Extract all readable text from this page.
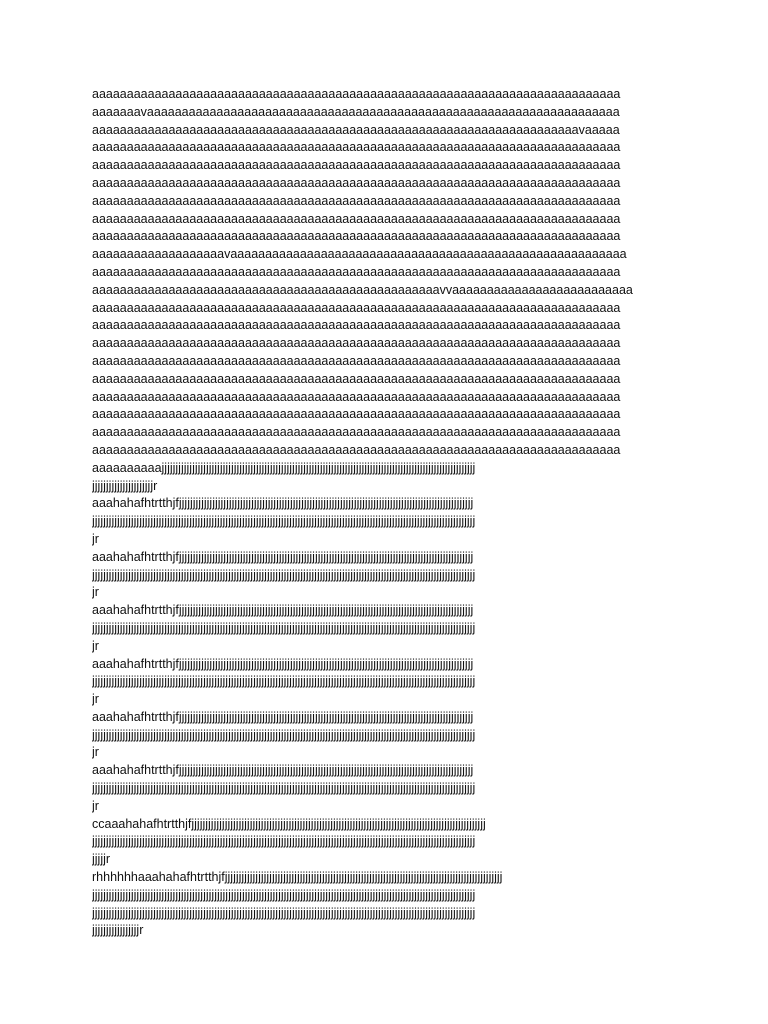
aaaaaaaaaaaaaaaaaaaaaaaaaaaaaaaaaaaaaaaaaaaaaaaaaaaaaaaaaaaaaaaaaaaaaaaaaaaa
aaaaaaavaaaaaaaaaaaaaaaaaaaaaaaaaaaaaaaaaaaaaaaaaaaaaaaaaaaaaaaaaaaaaaaaaaaa
aaaaaaaaaaaaaaaaaaaaaaaaaaaaaaaaaaaaaaaaaaaaaaaaaaaaaaaaaaaaaaaaaaaaaavaaaaa
aaaaaaaaaaaaaaaaaaaaaaaaaaaaaaaaaaaaaaaaaaaaaaaaaaaaaaaaaaaaaaaaaaaaaaaaaaaa
aaaaaaaaaaaaaaaaaaaaaaaaaaaaaaaaaaaaaaaaaaaaaaaaaaaaaaaaaaaaaaaaaaaaaaaaaaaa
aaaaaaaaaaaaaaaaaaaaaaaaaaaaaaaaaaaaaaaaaaaaaaaaaaaaaaaaaaaaaaaaaaaaaaaaaaaa
aaaaaaaaaaaaaaaaaaaaaaaaaaaaaaaaaaaaaaaaaaaaaaaaaaaaaaaaaaaaaaaaaaaaaaaaaaaa
aaaaaaaaaaaaaaaaaaaaaaaaaaaaaaaaaaaaaaaaaaaaaaaaaaaaaaaaaaaaaaaaaaaaaaaaaaaa
aaaaaaaaaaaaaaaaaaaaaaaaaaaaaaaaaaaaaaaaaaaaaaaaaaaaaaaaaaaaaaaaaaaaaaaaaaaa
aaaaaaaaaaaaaaaaaaavaaaaaaaaaaaaaaaaaaaaaaaaaaaaaaaaaaaaaaaaaaaaaaaaaaaaaaaaa
aaaaaaaaaaaaaaaaaaaaaaaaaaaaaaaaaaaaaaaaaaaaaaaaaaaaaaaaaaaaaaaaaaaaaaaaaaaa
aaaaaaaaaaaaaaaaaaaaaaaaaaaaaaaaaaaaaaaaaaaaaaaaaavvaaaaaaaaaaaaaaaaaaaaaaaaaa
aaaaaaaaaaaaaaaaaaaaaaaaaaaaaaaaaaaaaaaaaaaaaaaaaaaaaaaaaaaaaaaaaaaaaaaaaaaa
aaaaaaaaaaaaaaaaaaaaaaaaaaaaaaaaaaaaaaaaaaaaaaaaaaaaaaaaaaaaaaaaaaaaaaaaaaaa
aaaaaaaaaaaaaaaaaaaaaaaaaaaaaaaaaaaaaaaaaaaaaaaaaaaaaaaaaaaaaaaaaaaaaaaaaaaa
aaaaaaaaaaaaaaaaaaaaaaaaaaaaaaaaaaaaaaaaaaaaaaaaaaaaaaaaaaaaaaaaaaaaaaaaaaaa
aaaaaaaaaaaaaaaaaaaaaaaaaaaaaaaaaaaaaaaaaaaaaaaaaaaaaaaaaaaaaaaaaaaaaaaaaaaa
aaaaaaaaaaaaaaaaaaaaaaaaaaaaaaaaaaaaaaaaaaaaaaaaaaaaaaaaaaaaaaaaaaaaaaaaaaaa
aaaaaaaaaaaaaaaaaaaaaaaaaaaaaaaaaaaaaaaaaaaaaaaaaaaaaaaaaaaaaaaaaaaaaaaaaaaa
aaaaaaaaaaaaaaaaaaaaaaaaaaaaaaaaaaaaaaaaaaaaaaaaaaaaaaaaaaaaaaaaaaaaaaaaaaaa
aaaaaaaaaaaaaaaaaaaaaaaaaaaaaaaaaaaaaaaaaaaaaaaaaaaaaaaaaaaaaaaaaaaaaaaaaaaa
aaaaaaaaaajjjjjjjjjjjjjjjjjjjjjjjjjjjjjjjjjjjjjjjjjjjjjjjjjjjjjjjjjjjjjjjjjjjjjjjjjjjjjjjjjjjjjjjjjjjjjjjjjjjjjjjjjjjjjjjjj
jjjjjjjjjjjjjjjjjjjjjjr
aaahahafhtrtthjfjjjjjjjjjjjjjjjjjjjjjjjjjjjjjjjjjjjjjjjjjjjjjjjjjjjjjjjjjjjjjjjjjjjjjjjjjjjjjjjjjjjjjjjjjjjjjjjjjjjjjjjjjj
jjjjjjjjjjjjjjjjjjjjjjjjjjjjjjjjjjjjjjjjjjjjjjjjjjjjjjjjjjjjjjjjjjjjjjjjjjjjjjjjjjjjjjjjjjjjjjjjjjjjjjjjjjjjjjjjjjjjjjjjjjjjjjjjjjjjjjjjjj
jr
aaahahafhtrtthjfjjjjjjjjjjjjjjjjjjjjjjjjjjjjjjjjjjjjjjjjjjjjjjjjjjjjjjjjjjjjjjjjjjjjjjjjjjjjjjjjjjjjjjjjjjjjjjjjjjjjjjjjjj
jjjjjjjjjjjjjjjjjjjjjjjjjjjjjjjjjjjjjjjjjjjjjjjjjjjjjjjjjjjjjjjjjjjjjjjjjjjjjjjjjjjjjjjjjjjjjjjjjjjjjjjjjjjjjjjjjjjjjjjjjjjjjjjjjjjjjjjjjj
jr
aaahahafhtrtthjfjjjjjjjjjjjjjjjjjjjjjjjjjjjjjjjjjjjjjjjjjjjjjjjjjjjjjjjjjjjjjjjjjjjjjjjjjjjjjjjjjjjjjjjjjjjjjjjjjjjjjjjjjj
jjjjjjjjjjjjjjjjjjjjjjjjjjjjjjjjjjjjjjjjjjjjjjjjjjjjjjjjjjjjjjjjjjjjjjjjjjjjjjjjjjjjjjjjjjjjjjjjjjjjjjjjjjjjjjjjjjjjjjjjjjjjjjjjjjjjjjjjjj
jr
aaahahafhtrtthjfjjjjjjjjjjjjjjjjjjjjjjjjjjjjjjjjjjjjjjjjjjjjjjjjjjjjjjjjjjjjjjjjjjjjjjjjjjjjjjjjjjjjjjjjjjjjjjjjjjjjjjjjjj
jjjjjjjjjjjjjjjjjjjjjjjjjjjjjjjjjjjjjjjjjjjjjjjjjjjjjjjjjjjjjjjjjjjjjjjjjjjjjjjjjjjjjjjjjjjjjjjjjjjjjjjjjjjjjjjjjjjjjjjjjjjjjjjjjjjjjjjjjj
jr
aaahahafhtrtthjfjjjjjjjjjjjjjjjjjjjjjjjjjjjjjjjjjjjjjjjjjjjjjjjjjjjjjjjjjjjjjjjjjjjjjjjjjjjjjjjjjjjjjjjjjjjjjjjjjjjjjjjjjj
jjjjjjjjjjjjjjjjjjjjjjjjjjjjjjjjjjjjjjjjjjjjjjjjjjjjjjjjjjjjjjjjjjjjjjjjjjjjjjjjjjjjjjjjjjjjjjjjjjjjjjjjjjjjjjjjjjjjjjjjjjjjjjjjjjjjjjjjjj
jr
aaahahafhtrtthjfjjjjjjjjjjjjjjjjjjjjjjjjjjjjjjjjjjjjjjjjjjjjjjjjjjjjjjjjjjjjjjjjjjjjjjjjjjjjjjjjjjjjjjjjjjjjjjjjjjjjjjjjjj
jjjjjjjjjjjjjjjjjjjjjjjjjjjjjjjjjjjjjjjjjjjjjjjjjjjjjjjjjjjjjjjjjjjjjjjjjjjjjjjjjjjjjjjjjjjjjjjjjjjjjjjjjjjjjjjjjjjjjjjjjjjjjjjjjjjjjjjjjj
jr
ccaaahahafhtrtthjfjjjjjjjjjjjjjjjjjjjjjjjjjjjjjjjjjjjjjjjjjjjjjjjjjjjjjjjjjjjjjjjjjjjjjjjjjjjjjjjjjjjjjjjjjjjjjjjjjjjjjjjjjj
jjjjjjjjjjjjjjjjjjjjjjjjjjjjjjjjjjjjjjjjjjjjjjjjjjjjjjjjjjjjjjjjjjjjjjjjjjjjjjjjjjjjjjjjjjjjjjjjjjjjjjjjjjjjjjjjjjjjjjjjjjjjjjjjjjjjjjjjjj
jjjjjr
rhhhhhhaaahahafhtrtthjfjjjjjjjjjjjjjjjjjjjjjjjjjjjjjjjjjjjjjjjjjjjjjjjjjjjjjjjjjjjjjjjjjjjjjjjjjjjjjjjjjjjjjjjjjjjjjjjjjjjj
jjjjjjjjjjjjjjjjjjjjjjjjjjjjjjjjjjjjjjjjjjjjjjjjjjjjjjjjjjjjjjjjjjjjjjjjjjjjjjjjjjjjjjjjjjjjjjjjjjjjjjjjjjjjjjjjjjjjjjjjjjjjjjjjjjjjjjjjjj
jjjjjjjjjjjjjjjjjjjjjjjjjjjjjjjjjjjjjjjjjjjjjjjjjjjjjjjjjjjjjjjjjjjjjjjjjjjjjjjjjjjjjjjjjjjjjjjjjjjjjjjjjjjjjjjjjjjjjjjjjjjjjjjjjjjjjjjjjj
jjjjjjjjjjjjjjjjjr
